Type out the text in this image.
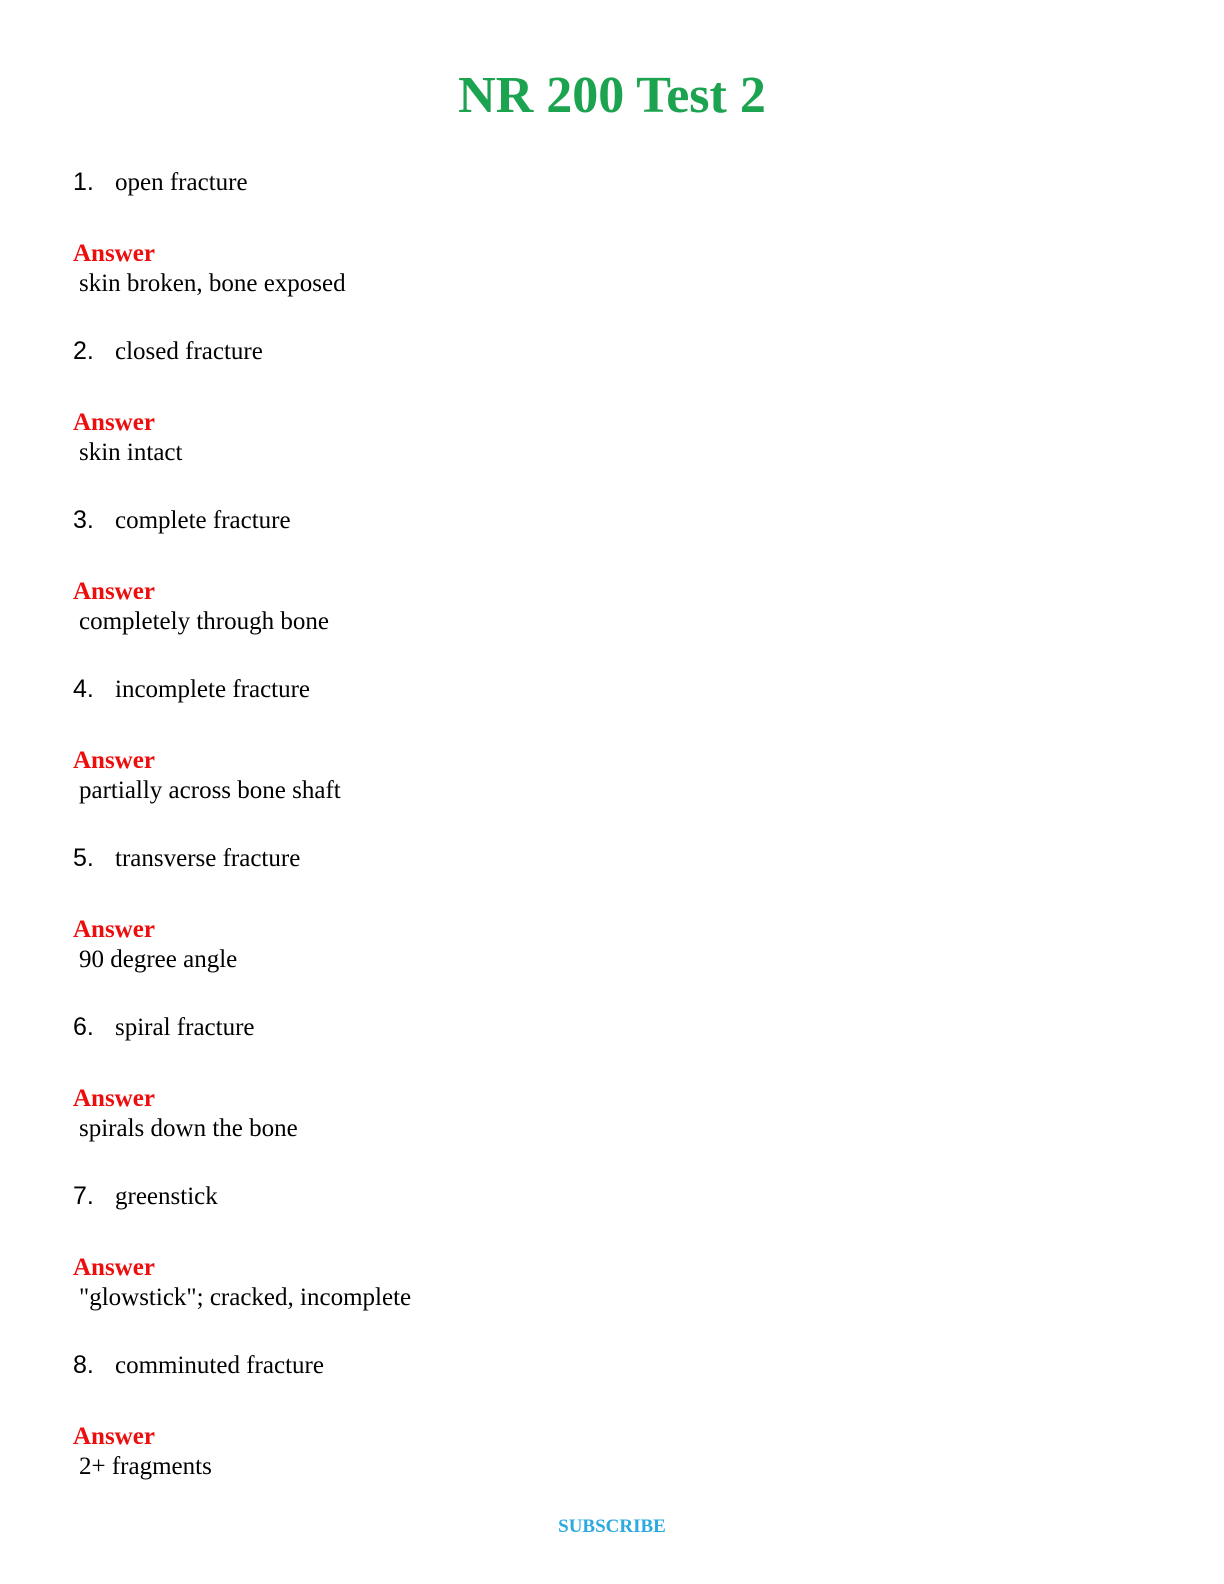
NR 200 Test 2
1. open fracture
Answer
skin broken, bone exposed
2. closed fracture
Answer
skin intact
3. complete fracture
Answer
completely through bone
4. incomplete fracture
Answer
partially across bone shaft
5. transverse fracture
Answer
90 degree angle
6. spiral fracture
Answer
spirals down the bone
7. greenstick
Answer
"glowstick"; cracked, incomplete
8. comminuted fracture
Answer
2+ fragments
SUBSCRIBE
